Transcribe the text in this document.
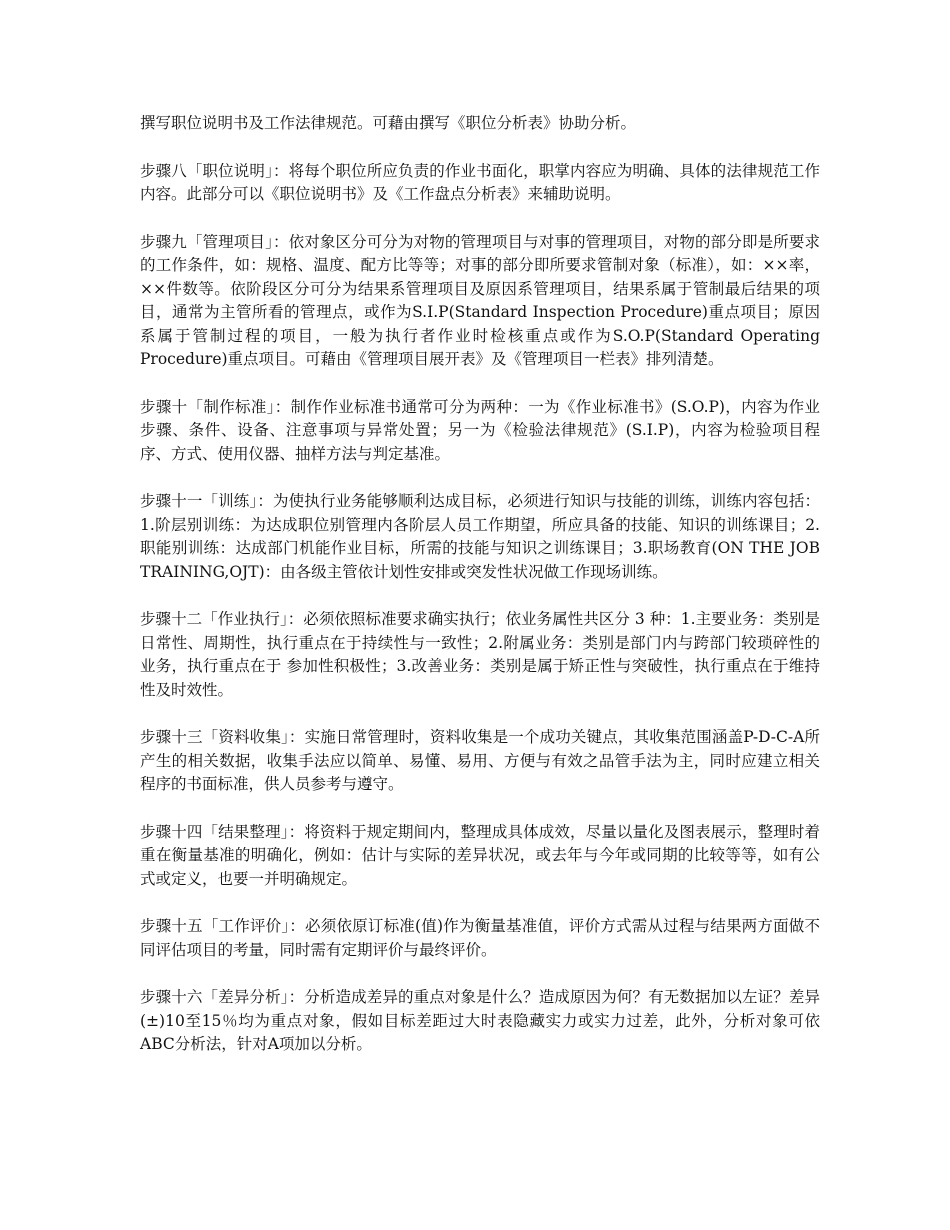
撰写职位说明书及工作法律规范。可藉由撰写《职位分析表》协助分析。

步骤八「职位说明」：将每个职位所应负责的作业书面化，职掌内容应为明确、具体的法律规范工作内容。此部分可以《职位说明书》及《工作盘点分析表》来辅助说明。

步骤九「管理项目」：依对象区分可分为对物的管理项目与对事的管理项目，对物的部分即是所要求的工作条件，如：规格、温度、配方比等等；对事的部分即所要求管制对象（标准），如：××率，××件数等。依阶段区分可分为结果系管理项目及原因系管理项目，结果系属于管制最后结果的项目，通常为主管所看的管理点，或作为S.I.P(Standard Inspection Procedure)重点项目；原因系属于管制过程的项目，一般为执行者作业时检核重点或作为S.O.P(Standard Operating Procedure)重点项目。可藉由《管理项目展开表》及《管理项目一栏表》排列清楚。

步骤十「制作标准」：制作作业标准书通常可分为两种：一为《作业标准书》(S.O.P)，内容为作业步骤、条件、设备、注意事项与异常处置；另一为《检验法律规范》(S.I.P)，内容为检验项目程序、方式、使用仪器、抽样方法与判定基准。

步骤十一「训练」：为使执行业务能够顺利达成目标，必须进行知识与技能的训练，训练内容包括：1.阶层别训练：为达成职位别管理内各阶层人员工作期望，所应具备的技能、知识的训练课目；2.职能别训练：达成部门机能作业目标，所需的技能与知识之训练课目；3.职场教育(ON THE JOB TRAINING,OJT)：由各级主管依计划性安排或突发性状况做工作现场训练。

步骤十二「作业执行」：必须依照标准要求确实执行；依业务属性共区分 3 种：1.主要业务：类别是日常性、周期性，执行重点在于持续性与一致性；2.附属业务：类别是部门内与跨部门较琐碎性的业务，执行重点在于 参加性积极性；3.改善业务：类别是属于矫正性与突破性，执行重点在于维持性及时效性。

步骤十三「资料收集」：实施日常管理时，资料收集是一个成功关键点，其收集范围涵盖P-D-C-A所产生的相关数据，收集手法应以简单、易懂、易用、方便与有效之品管手法为主，同时应建立相关程序的书面标准，供人员参考与遵守。

步骤十四「结果整理」：将资料于规定期间内，整理成具体成效，尽量以量化及图表展示，整理时着重在衡量基准的明确化，例如：估计与实际的差异状况，或去年与今年或同期的比较等等，如有公式或定义，也要一并明确规定。

步骤十五「工作评价」：必须依原订标准(值)作为衡量基准值，评价方式需从过程与结果两方面做不同评估项目的考量，同时需有定期评价与最终评价。

步骤十六「差异分析」：分析造成差异的重点对象是什么？造成原因为何？有无数据加以左证？差异(±)10至15％均为重点对象，假如目标差距过大时表隐藏实力或实力过差，此外，分析对象可依ABC分析法，针对A项加以分析。
